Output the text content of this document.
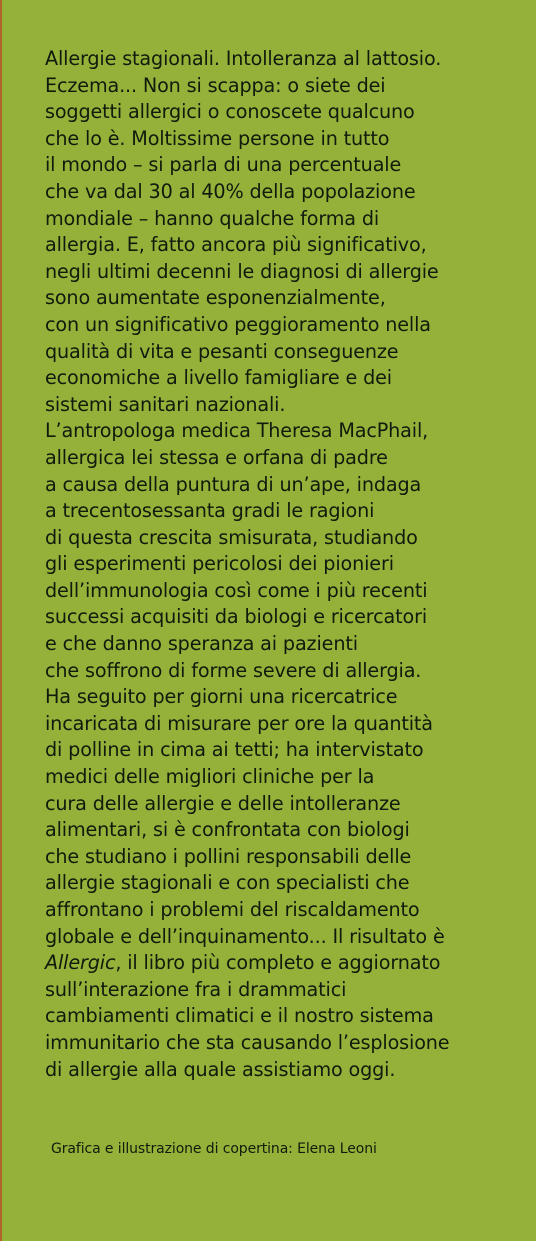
Allergie stagionali. Intolleranza al lattosio.
Eczema... Non si scappa: o siete dei
soggetti allergici o conoscete qualcuno
che lo è. Moltissime persone in tutto
il mondo – si parla di una percentuale
che va dal 30 al 40% della popolazione
mondiale – hanno qualche forma di
allergia. E, fatto ancora più significativo,
negli ultimi decenni le diagnosi di allergie
sono aumentate esponenzialmente,
con un significativo peggioramento nella
qualità di vita e pesanti conseguenze
economiche a livello famigliare e dei
sistemi sanitari nazionali.
L’antropologa medica Theresa MacPhail,
allergica lei stessa e orfana di padre
a causa della puntura di un’ape, indaga
a trecentosessanta gradi le ragioni
di questa crescita smisurata, studiando
gli esperimenti pericolosi dei pionieri
dell’immunologia così come i più recenti
successi acquisiti da biologi e ricercatori
e che danno speranza ai pazienti
che soffrono di forme severe di allergia.
Ha seguito per giorni una ricercatrice
incaricata di misurare per ore la quantità
di polline in cima ai tetti; ha intervistato
medici delle migliori cliniche per la
cura delle allergie e delle intolleranze
alimentari, si è confrontata con biologi
che studiano i pollini responsabili delle
allergie stagionali e con specialisti che
affrontano i problemi del riscaldamento
globale e dell’inquinamento... Il risultato è
Allergic, il libro più completo e aggiornato
sull’interazione fra i drammatici
cambiamenti climatici e il nostro sistema
immunitario che sta causando l’esplosione
di allergie alla quale assistiamo oggi.
Grafica e illustrazione di copertina: Elena Leoni
